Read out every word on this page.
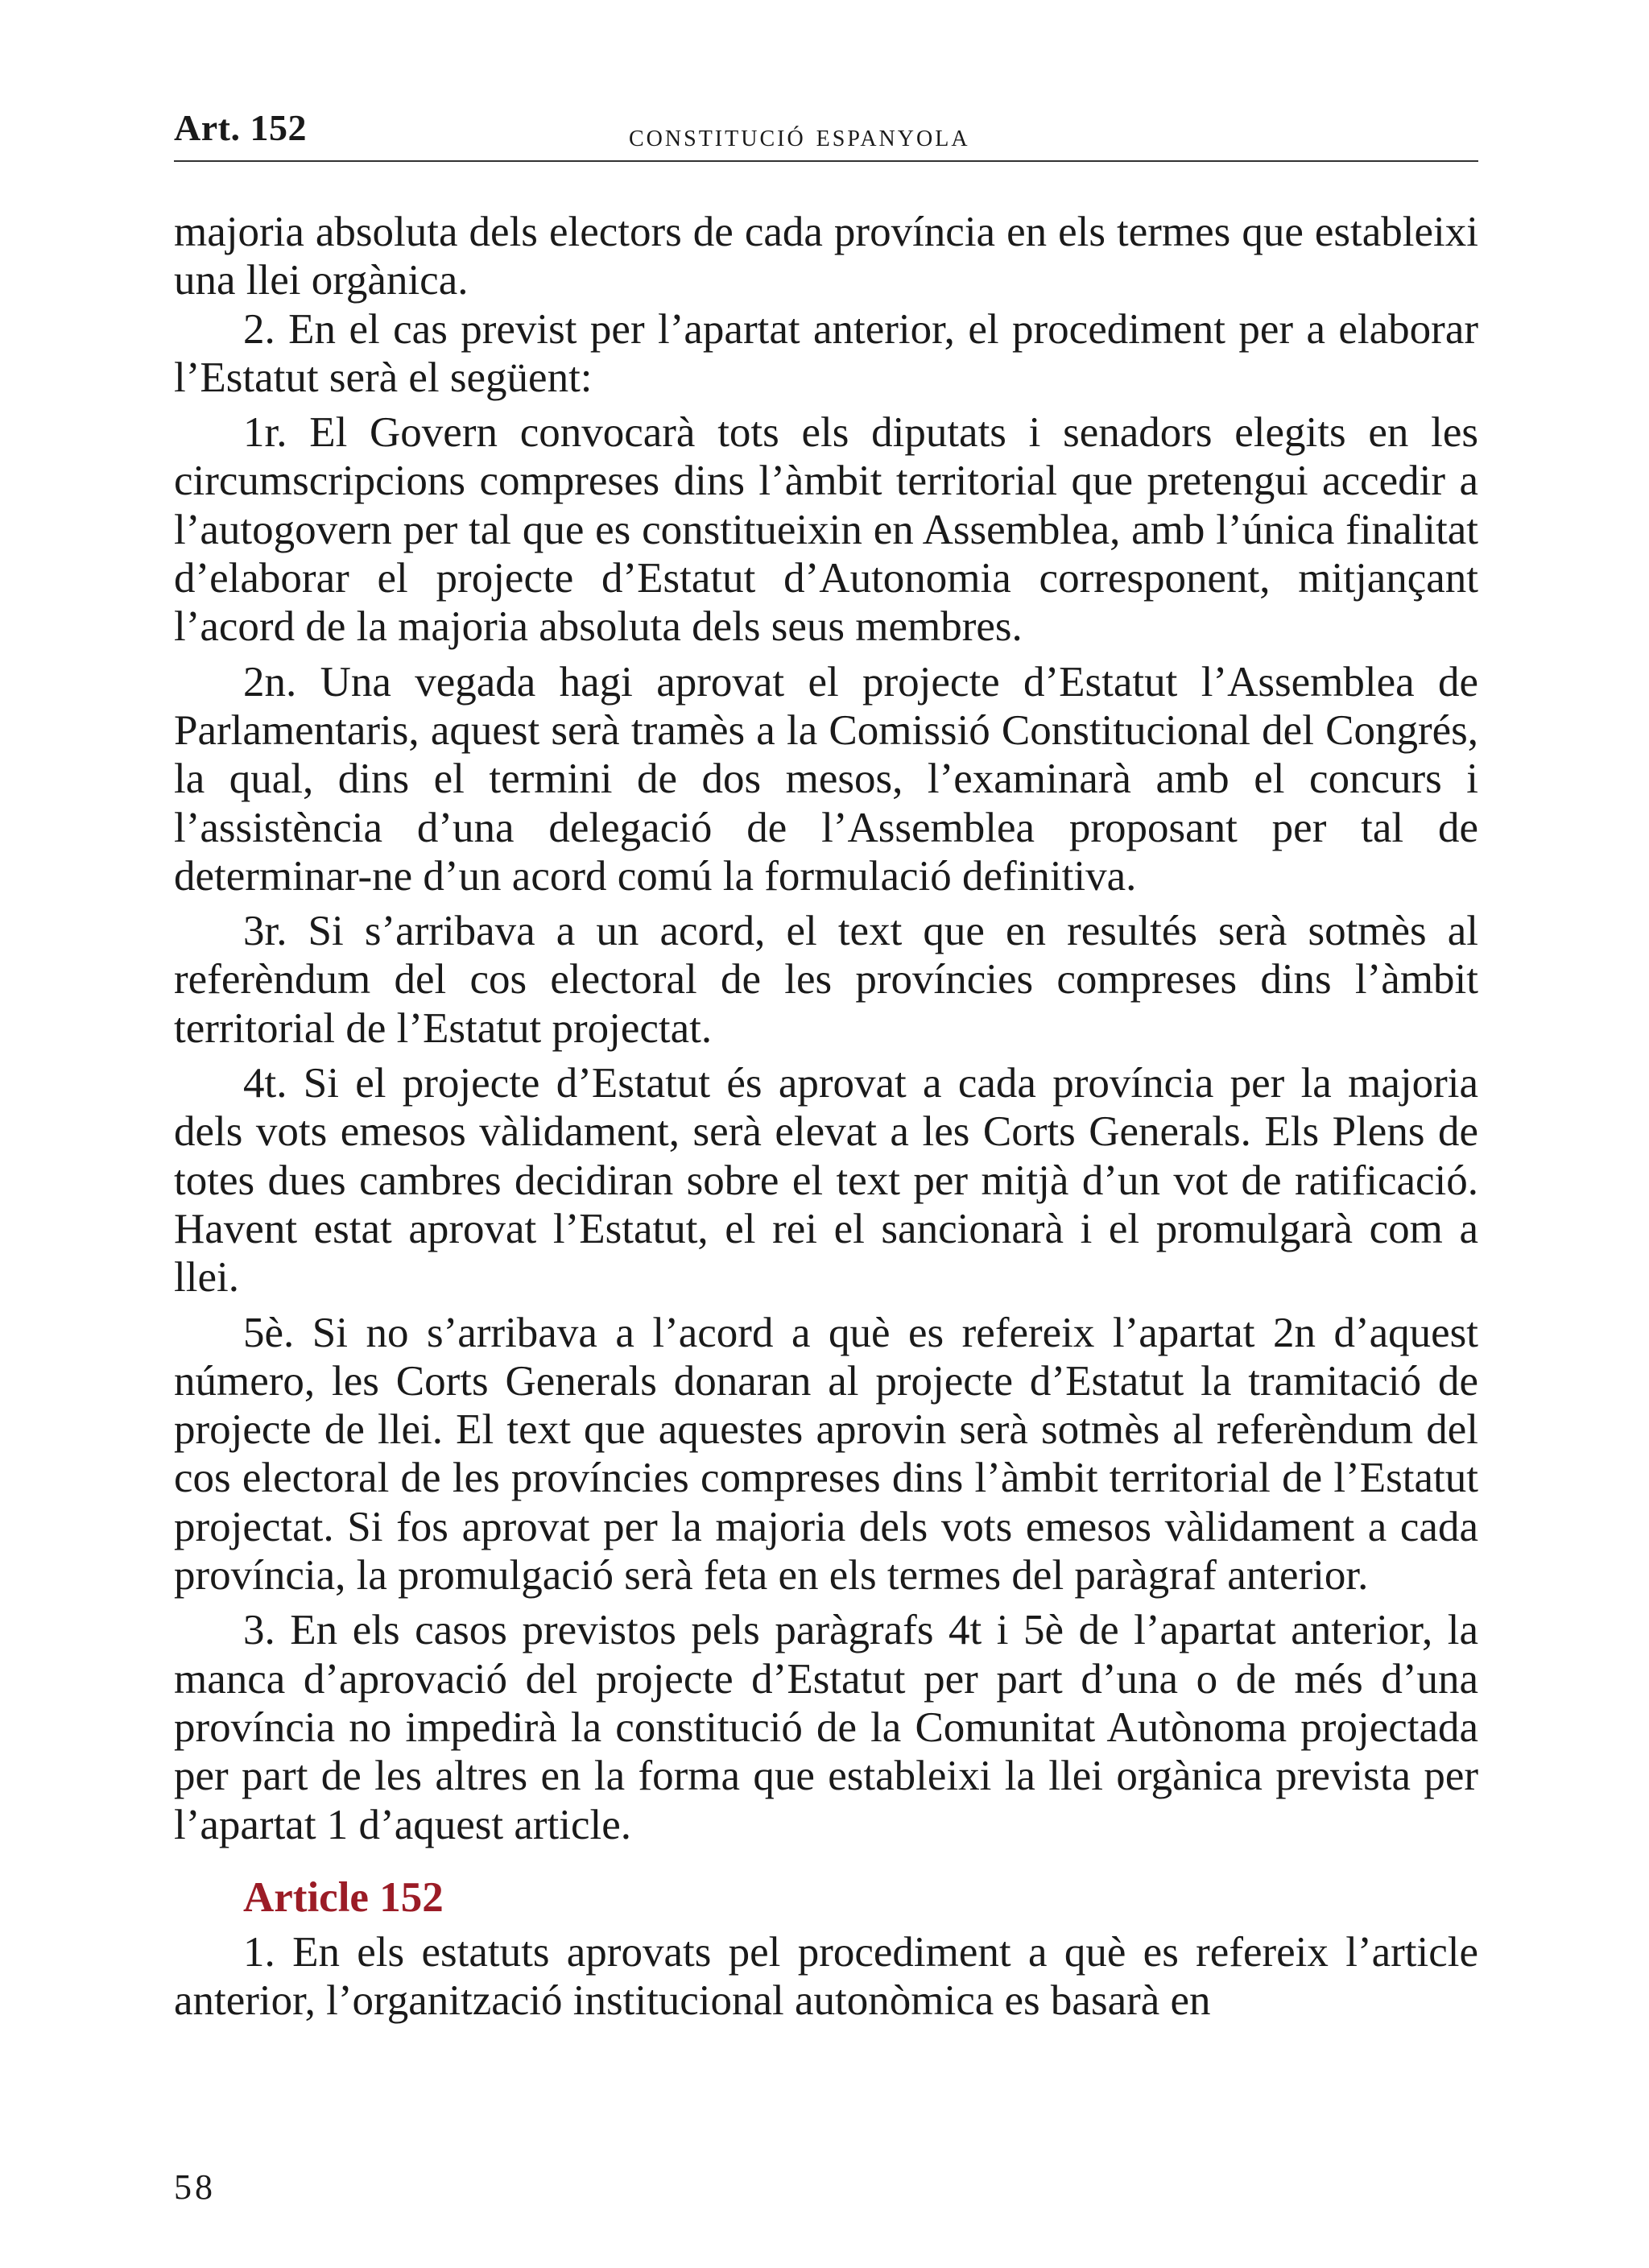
Art. 152	constitució espanyola

majoria absoluta dels electors de cada província en els termes que estableixi una llei orgànica.

2. En el cas previst per l’apartat anterior, el procediment per a elaborar l’Estatut serà el següent:

1r. El Govern convocarà tots els diputats i senadors elegits en les circumscripcions compreses dins l’àmbit territorial que pretengui accedir a l’autogovern per tal que es constitueixin en Assemblea, amb l’única finalitat d’elaborar el projecte d’Estatut d’Autonomia corresponent, mitjançant l’acord de la majoria absoluta dels seus membres.

2n. Una vegada hagi aprovat el projecte d’Estatut l’Assemblea de Parlamentaris, aquest serà tramès a la Comissió Constitucional del Congrés, la qual, dins el termini de dos mesos, l’examinarà amb el concurs i l’assistència d’una delegació de l’Assemblea proposant per tal de determinar-ne d’un acord comú la formulació definitiva.

3r. Si s’arribava a un acord, el text que en resultés serà sotmès al referèndum del cos electoral de les províncies compreses dins l’àmbit territorial de l’Estatut projectat.

4t. Si el projecte d’Estatut és aprovat a cada província per la majoria dels vots emesos vàlidament, serà elevat a les Corts Generals. Els Plens de totes dues cambres decidiran sobre el text per mitjà d’un vot de ratificació. Havent estat aprovat l’Estatut, el rei el sancionarà i el promulgarà com a llei.

5è. Si no s’arribava a l’acord a què es refereix l’apartat 2n d’aquest número, les Corts Generals donaran al projecte d’Estatut la tramitació de projecte de llei. El text que aquestes aprovin serà sotmès al referèndum del cos electoral de les províncies compreses dins l’àmbit territorial de l’Estatut projectat. Si fos aprovat per la majoria dels vots emesos vàlidament a cada província, la promulgació serà feta en els termes del paràgraf anterior.

3. En els casos previstos pels paràgrafs 4t i 5è de l’apartat anterior, la manca d’aprovació del projecte d’Estatut per part d’una o de més d’una província no impedirà la constitució de la Comunitat Autònoma projectada per part de les altres en la forma que estableixi la llei orgànica prevista per l’apartat 1 d’aquest article.

Article 152

1. En els estatuts aprovats pel procediment a què es refereix l’article anterior, l’organització institucional autonòmica es basarà en

58
